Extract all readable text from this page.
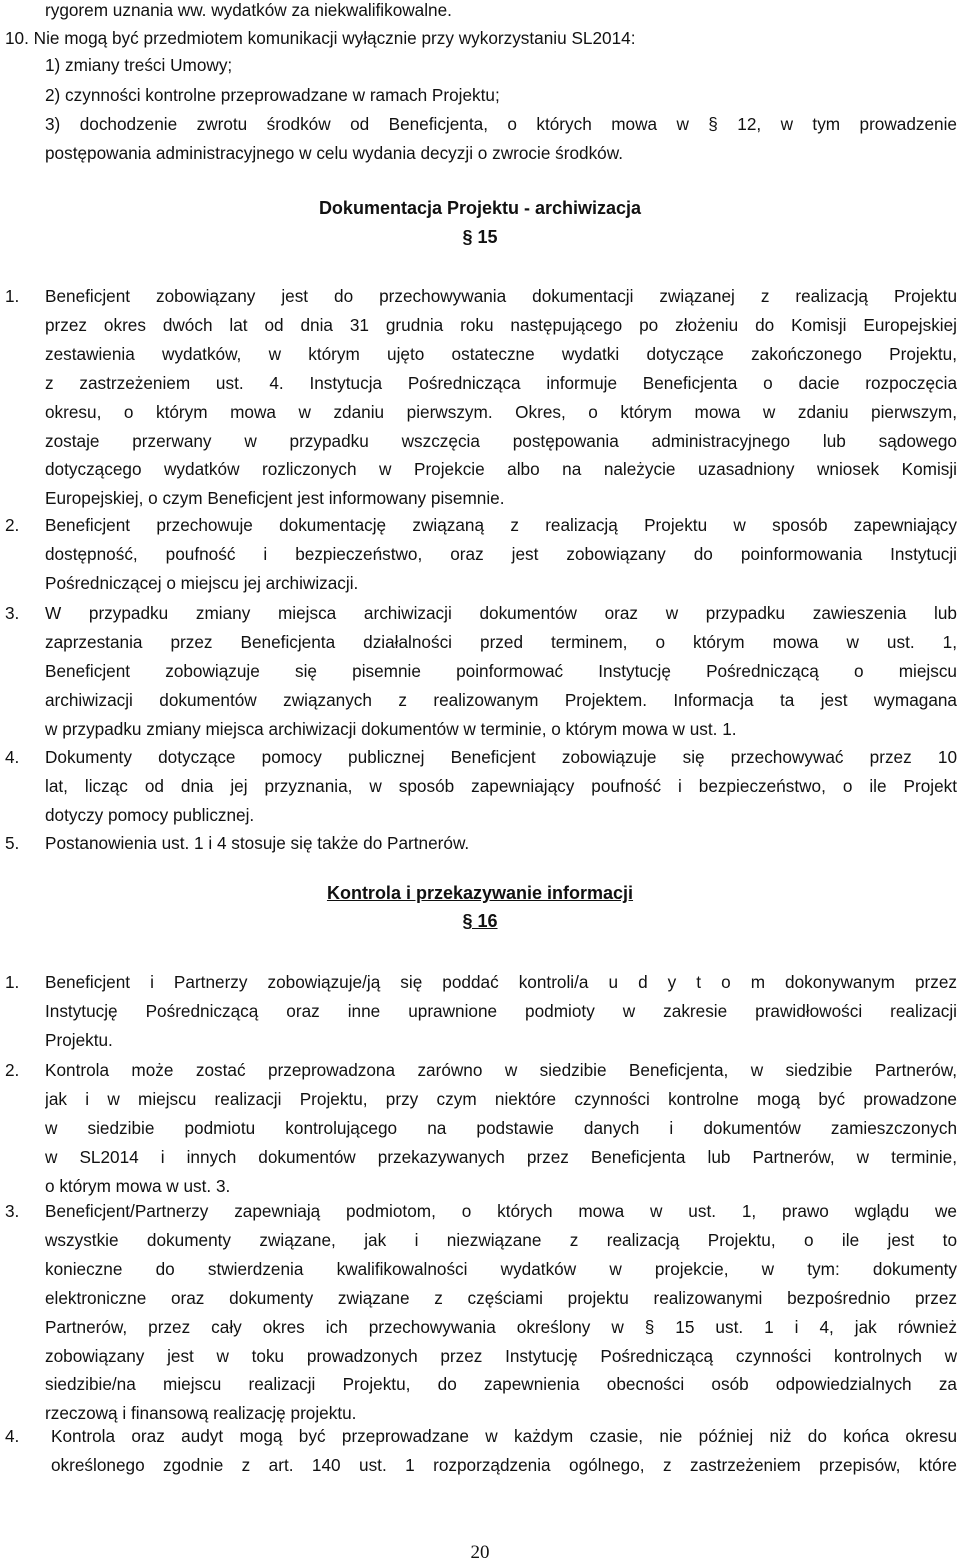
rygorem uznania ww. wydatków za niekwalifikowalne.
10. Nie mogą być przedmiotem komunikacji wyłącznie przy wykorzystaniu SL2014:
1) zmiany treści Umowy;
2) czynności kontrolne przeprowadzane w ramach Projektu;
3) dochodzenie zwrotu środków od Beneficjenta, o których mowa w § 12, w tym prowadzenie
postępowania administracyjnego w celu wydania decyzji o zwrocie środków.
Dokumentacja Projektu - archiwizacja
§ 15
1. Beneficjent zobowiązany jest do przechowywania dokumentacji związanej z realizacją Projektu
przez okres dwóch lat od dnia 31 grudnia roku następującego po złożeniu do Komisji Europejskiej
zestawienia wydatków, w którym ujęto ostateczne wydatki dotyczące zakończonego Projektu,
z zastrzeżeniem ust. 4. Instytucja Pośrednicząca informuje Beneficjenta o dacie rozpoczęcia
okresu, o którym mowa w zdaniu pierwszym. Okres, o którym mowa w zdaniu pierwszym,
zostaje przerwany w przypadku wszczęcia postępowania administracyjnego lub sądowego
dotyczącego wydatków rozliczonych w Projekcie albo na należycie uzasadniony wniosek Komisji
Europejskiej, o czym Beneficjent jest informowany pisemnie.
2. Beneficjent przechowuje dokumentację związaną z realizacją Projektu w sposób zapewniający
dostępność, poufność i bezpieczeństwo, oraz jest zobowiązany do poinformowania Instytucji
Pośredniczącej o miejscu jej archiwizacji.
3. W przypadku zmiany miejsca archiwizacji dokumentów oraz w przypadku zawieszenia lub
zaprzestania przez Beneficjenta działalności przed terminem, o którym mowa w ust. 1,
Beneficjent zobowiązuje się pisemnie poinformować Instytucję Pośredniczącą o miejscu
archiwizacji dokumentów związanych z realizowanym Projektem. Informacja ta jest wymagana
w przypadku zmiany miejsca archiwizacji dokumentów w terminie, o którym mowa w ust. 1.
4. Dokumenty dotyczące pomocy publicznej Beneficjent zobowiązuje się przechowywać przez 10
lat, licząc od dnia jej przyznania, w sposób zapewniający poufność i bezpieczeństwo, o ile Projekt
dotyczy pomocy publicznej.
5. Postanowienia ust. 1 i 4 stosuje się także do Partnerów.
Kontrola i przekazywanie informacji
§ 16
1. Beneficjent i Partnerzy zobowiązuje/ją się poddać kontroli/a u d y t o m dokonywanym przez
Instytucję Pośredniczącą oraz inne uprawnione podmioty w zakresie prawidłowości realizacji
Projektu.
2. Kontrola może zostać przeprowadzona zarówno w siedzibie Beneficjenta, w siedzibie Partnerów,
jak i w miejscu realizacji Projektu, przy czym niektóre czynności kontrolne mogą być prowadzone
w siedzibie podmiotu kontrolującego na podstawie danych i dokumentów zamieszczonych
w SL2014 i innych dokumentów przekazywanych przez Beneficjenta lub Partnerów, w terminie,
o którym mowa w ust. 3.
3. Beneficjent/Partnerzy zapewniają podmiotom, o których mowa w ust. 1, prawo wglądu we
wszystkie dokumenty związane, jak i niezwiązane z realizacją Projektu, o ile jest to
konieczne do stwierdzenia kwalifikowalności wydatków w projekcie, w tym: dokumenty
elektroniczne oraz dokumenty związane z częściami projektu realizowanymi bezpośrednio przez
Partnerów, przez cały okres ich przechowywania określony w § 15 ust. 1 i 4, jak również
zobowiązany jest w toku prowadzonych przez Instytucję Pośredniczącą czynności kontrolnych w
siedzibie/na miejscu realizacji Projektu, do zapewnienia obecności osób odpowiedzialnych za
rzeczową i finansową realizację projektu.
4. Kontrola oraz audyt mogą być przeprowadzane w każdym czasie, nie później niż do końca okresu
określonego zgodnie z art. 140 ust. 1 rozporządzenia ogólnego, z zastrzeżeniem przepisów, które
20
